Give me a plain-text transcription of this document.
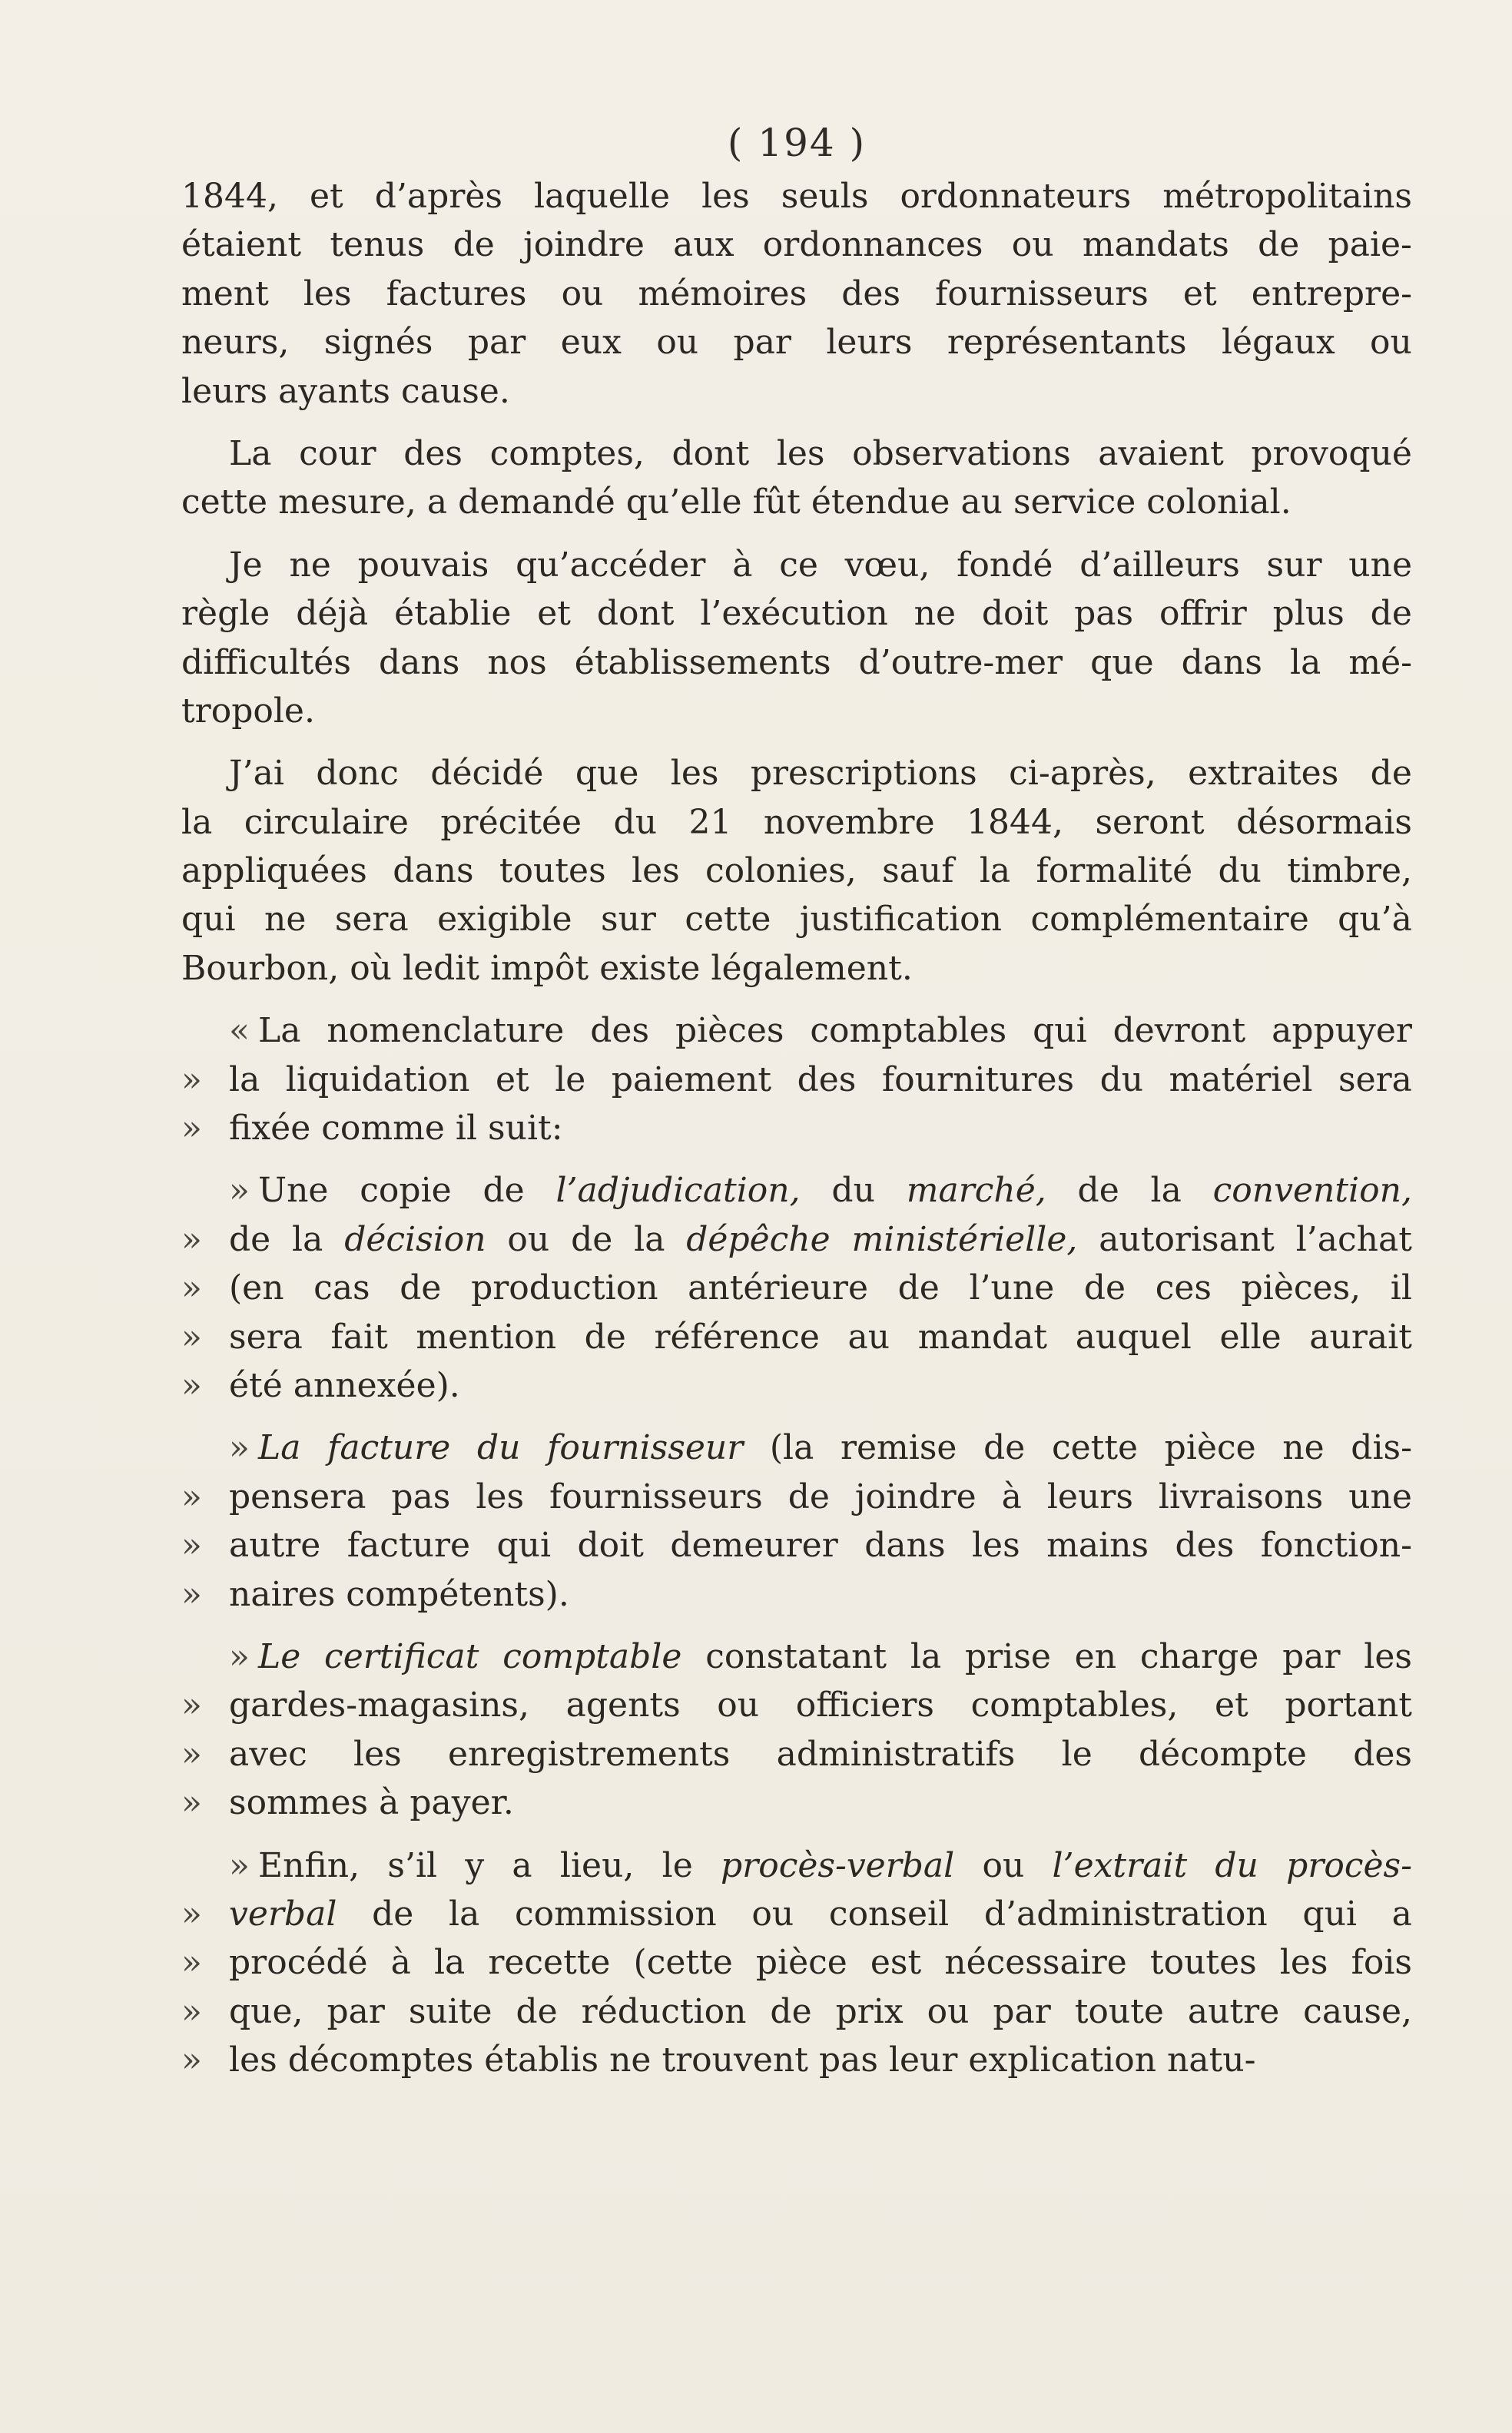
( 194 )
1844, et d’après laquelle les seuls ordonnateurs métropolitains
étaient tenus de joindre aux ordonnances ou mandats de paie-
ment les factures ou mémoires des fournisseurs et entrepre-
neurs, signés par eux ou par leurs représentants légaux ou
leurs ayants cause.
La cour des comptes, dont les observations avaient provoqué
cette mesure, a demandé qu’elle fût étendue au service colonial.
Je ne pouvais qu’accéder à ce vœu, fondé d’ailleurs sur une
règle déjà établie et dont l’exécution ne doit pas offrir plus de
difficultés dans nos établissements d’outre-mer que dans la mé-
tropole.
J’ai donc décidé que les prescriptions ci-après, extraites de
la circulaire précitée du 21 novembre 1844, seront désormais
appliquées dans toutes les colonies, sauf la formalité du timbre,
qui ne sera exigible sur cette justification complémentaire qu’à
Bourbon, où ledit impôt existe légalement.
« La nomenclature des pièces comptables qui devront appuyer
» la liquidation et le paiement des fournitures du matériel sera
» fixée comme il suit:
» Une copie de l’adjudication, du marché, de la convention,
» de la décision ou de la dépêche ministérielle, autorisant l’achat
» (en cas de production antérieure de l’une de ces pièces, il
» sera fait mention de référence au mandat auquel elle aurait
» été annexée).
» La facture du fournisseur (la remise de cette pièce ne dis-
» pensera pas les fournisseurs de joindre à leurs livraisons une
» autre facture qui doit demeurer dans les mains des fonction-
» naires compétents).
» Le certificat comptable constatant la prise en charge par les
» gardes-magasins, agents ou officiers comptables, et portant
» avec les enregistrements administratifs le décompte des
» sommes à payer.
» Enfin, s’il y a lieu, le procès-verbal ou l’extrait du procès-
» verbal de la commission ou conseil d’administration qui a
» procédé à la recette (cette pièce est nécessaire toutes les fois
» que, par suite de réduction de prix ou par toute autre cause,
» les décomptes établis ne trouvent pas leur explication natu-
